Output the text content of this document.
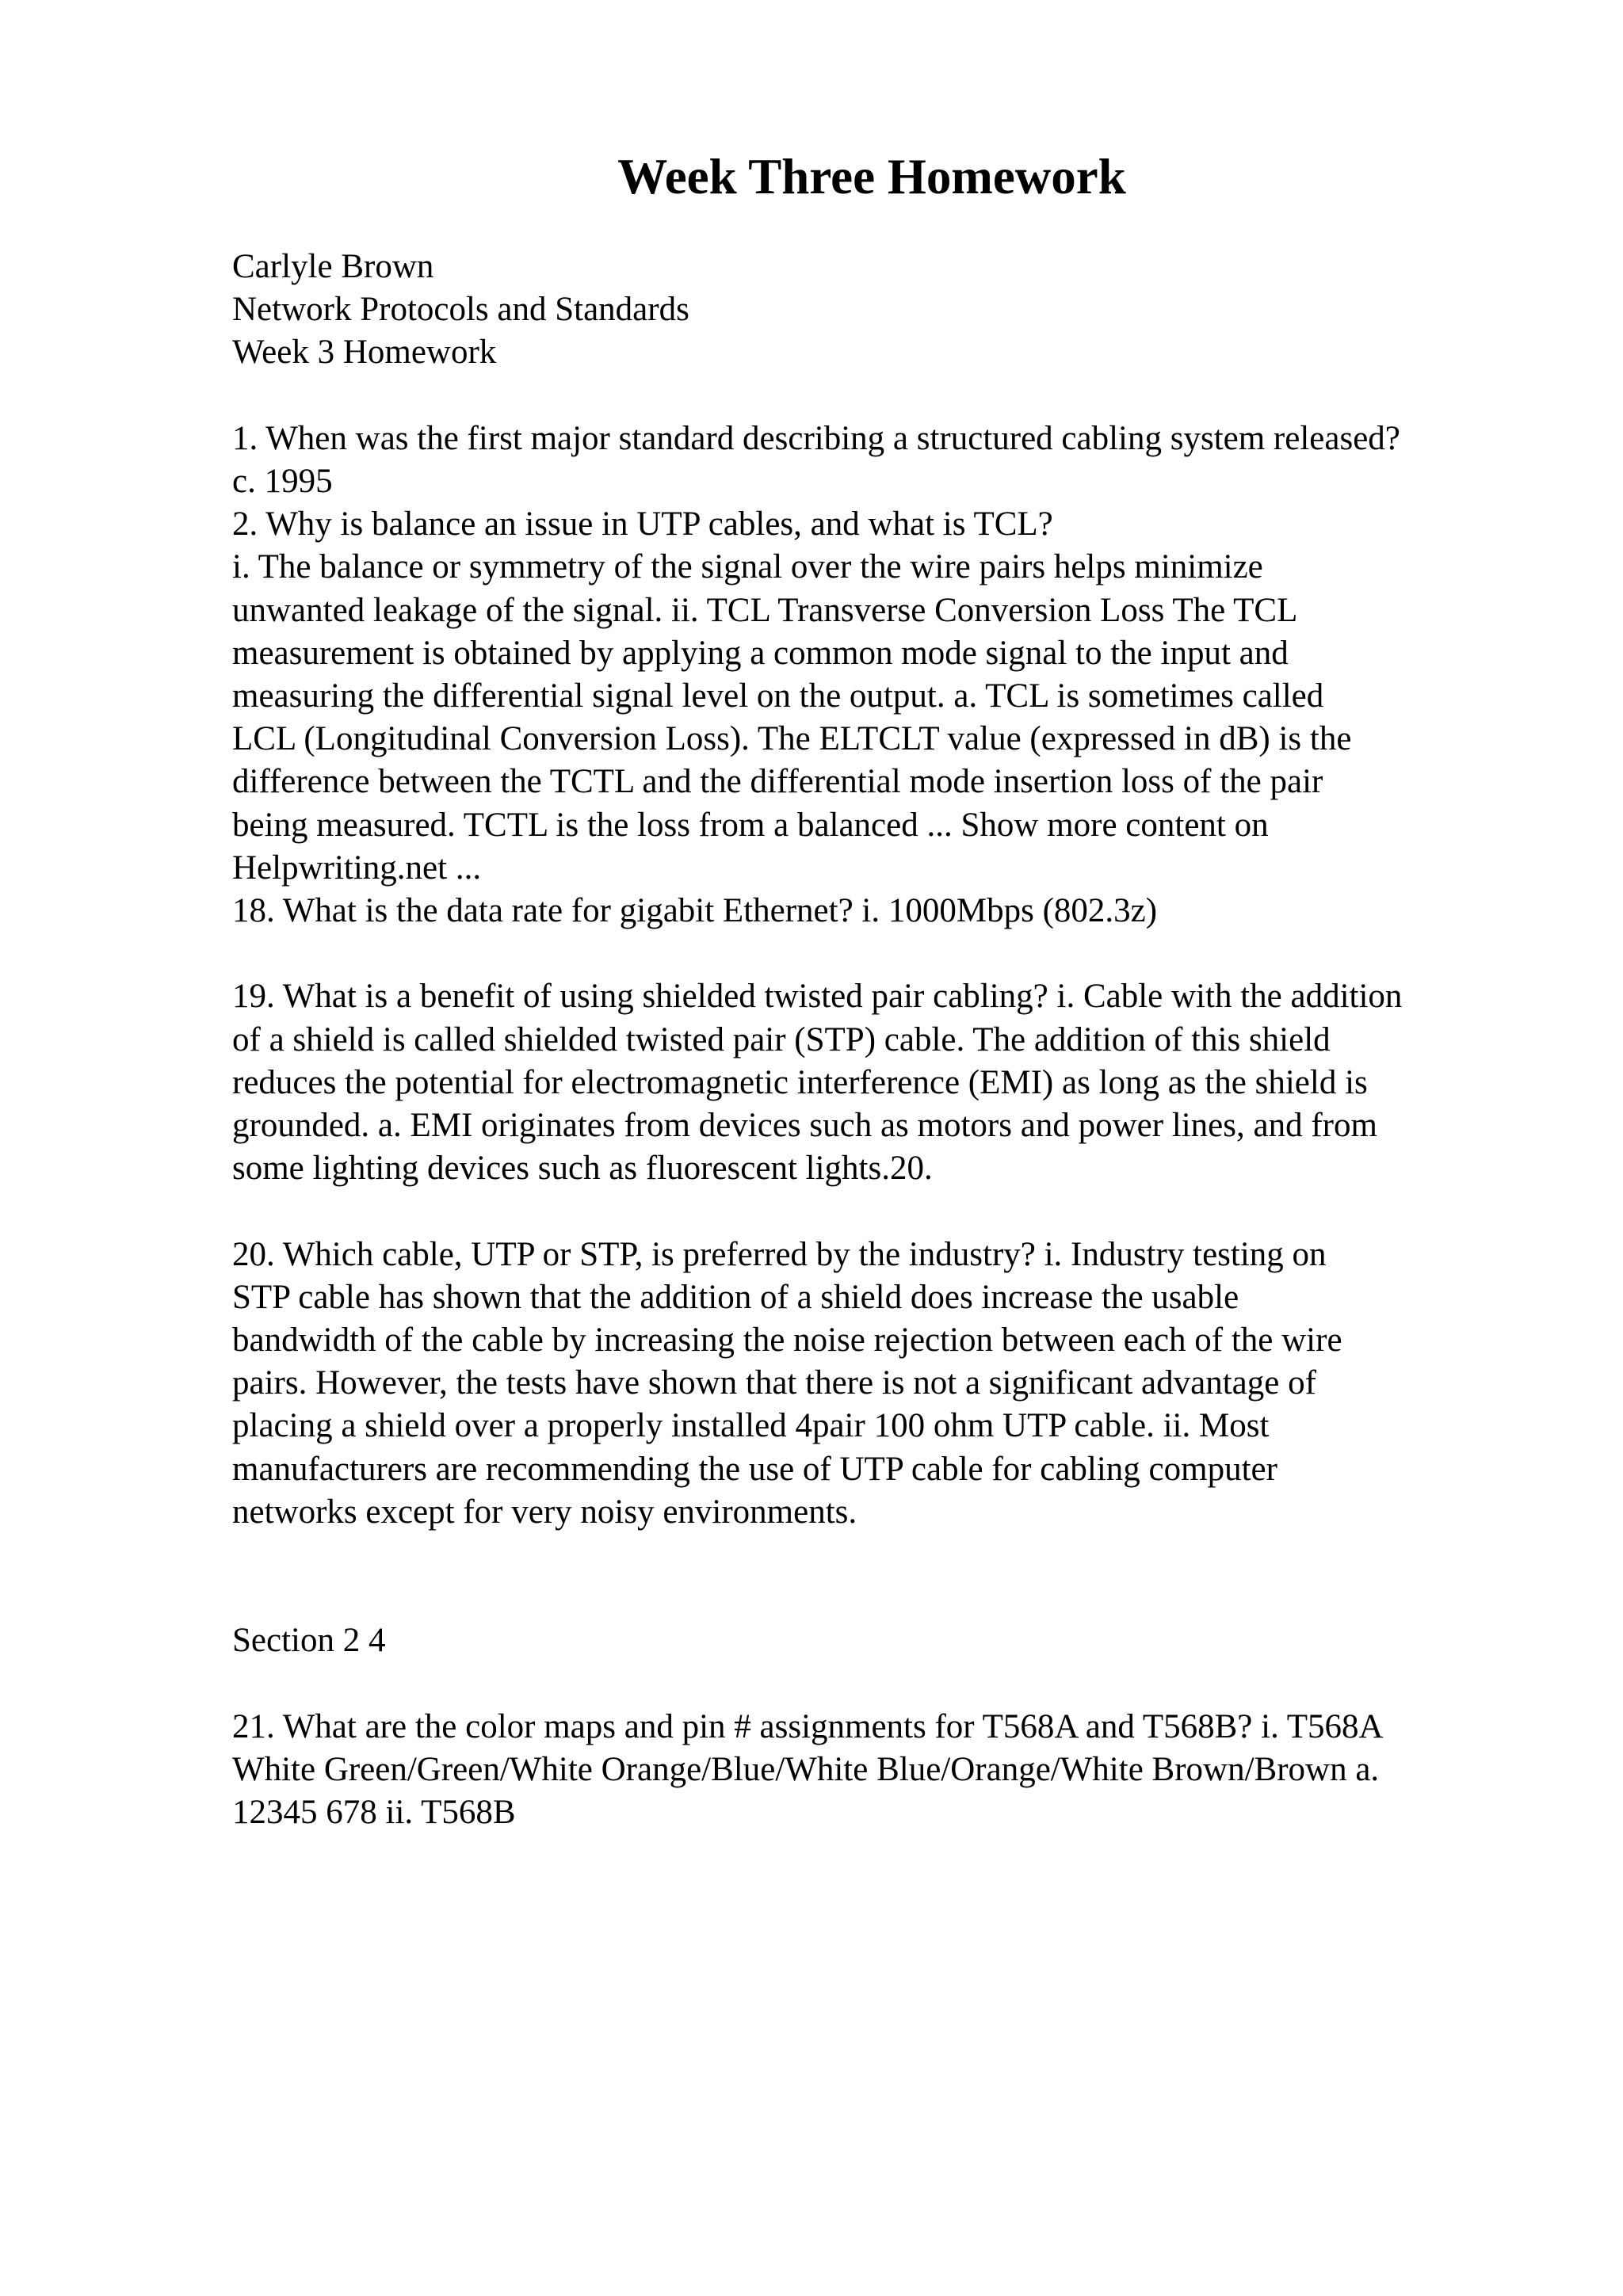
Week Three Homework
Carlyle Brown
Network Protocols and Standards
Week 3 Homework
1. When was the first major standard describing a structured cabling system released?
c. 1995
2. Why is balance an issue in UTP cables, and what is TCL?
i. The balance or symmetry of the signal over the wire pairs helps minimize
unwanted leakage of the signal. ii. TCL Transverse Conversion Loss The TCL
measurement is obtained by applying a common mode signal to the input and
measuring the differential signal level on the output. a. TCL is sometimes called
LCL (Longitudinal Conversion Loss). The ELTCLT value (expressed in dB) is the
difference between the TCTL and the differential mode insertion loss of the pair
being measured. TCTL is the loss from a balanced ... Show more content on
Helpwriting.net ...
18. What is the data rate for gigabit Ethernet? i. 1000Mbps (802.3z)
19. What is a benefit of using shielded twisted pair cabling? i. Cable with the addition
of a shield is called shielded twisted pair (STP) cable. The addition of this shield
reduces the potential for electromagnetic interference (EMI) as long as the shield is
grounded. a. EMI originates from devices such as motors and power lines, and from
some lighting devices such as fluorescent lights.20.
20. Which cable, UTP or STP, is preferred by the industry? i. Industry testing on
STP cable has shown that the addition of a shield does increase the usable
bandwidth of the cable by increasing the noise rejection between each of the wire
pairs. However, the tests have shown that there is not a significant advantage of
placing a shield over a properly installed 4pair 100 ohm UTP cable. ii. Most
manufacturers are recommending the use of UTP cable for cabling computer
networks except for very noisy environments.
Section 2 4
21. What are the color maps and pin # assignments for T568A and T568B? i. T568A
White Green/Green/White Orange/Blue/White Blue/Orange/White Brown/Brown a.
12345 678 ii. T568B
